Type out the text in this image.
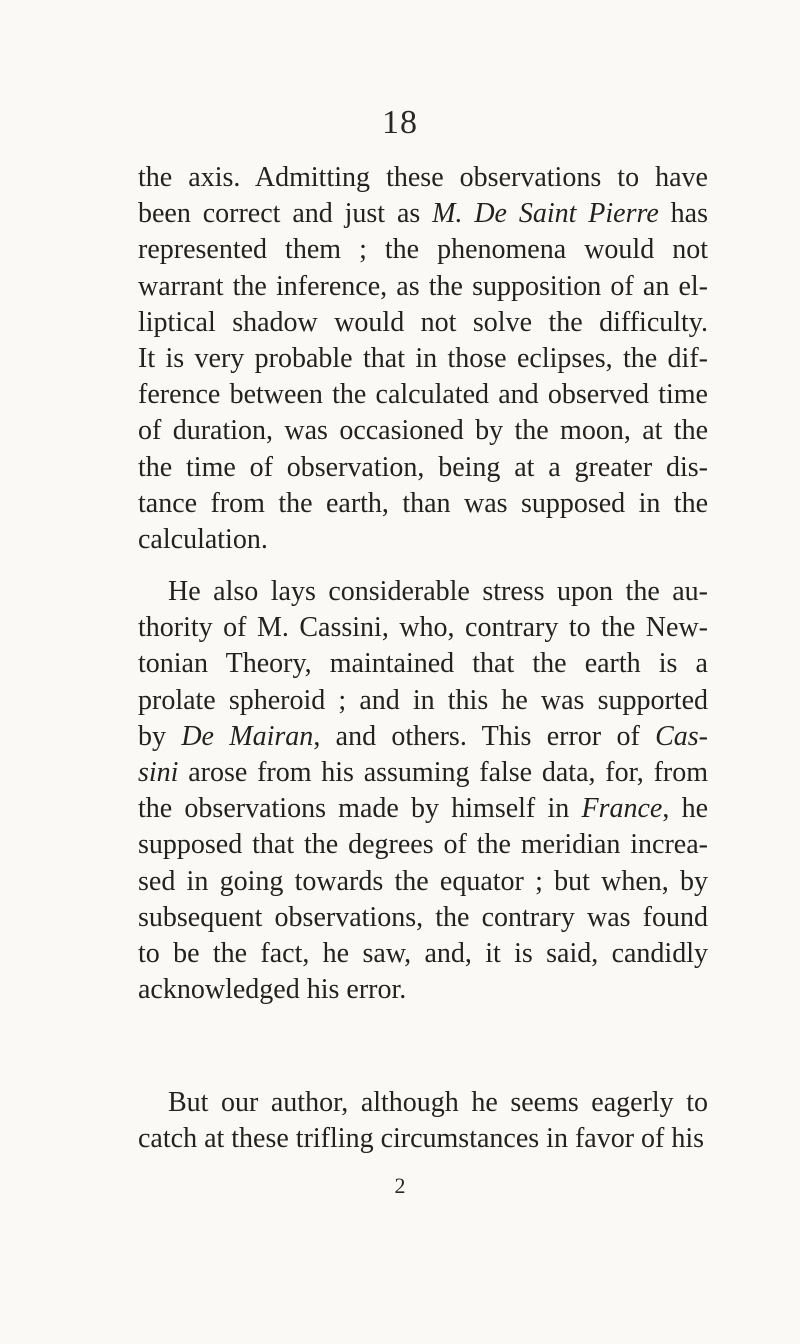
18
the axis. Admitting these observations to have
been correct and just as M. De Saint Pierre has
represented them ; the phenomena would not
warrant the inference, as the supposition of an el-
liptical shadow would not solve the difficulty.
It is very probable that in those eclipses, the dif-
ference between the calculated and observed time
of duration, was occasioned by the moon, at the
the time of observation, being at a greater dis-
tance from the earth, than was supposed in the
calculation.
He also lays considerable stress upon the au-
thority of M. Cassini, who, contrary to the New-
tonian Theory, maintained that the earth is a
prolate spheroid ; and in this he was supported
by De Mairan, and others. This error of Cas-
sini arose from his assuming false data, for, from
the observations made by himself in France, he
supposed that the degrees of the meridian increa-
sed in going towards the equator ; but when, by
subsequent observations, the contrary was found
to be the fact, he saw, and, it is said, candidly
acknowledged his error.
But our author, although he seems eagerly to
catch at these trifling circumstances in favor of his
2
